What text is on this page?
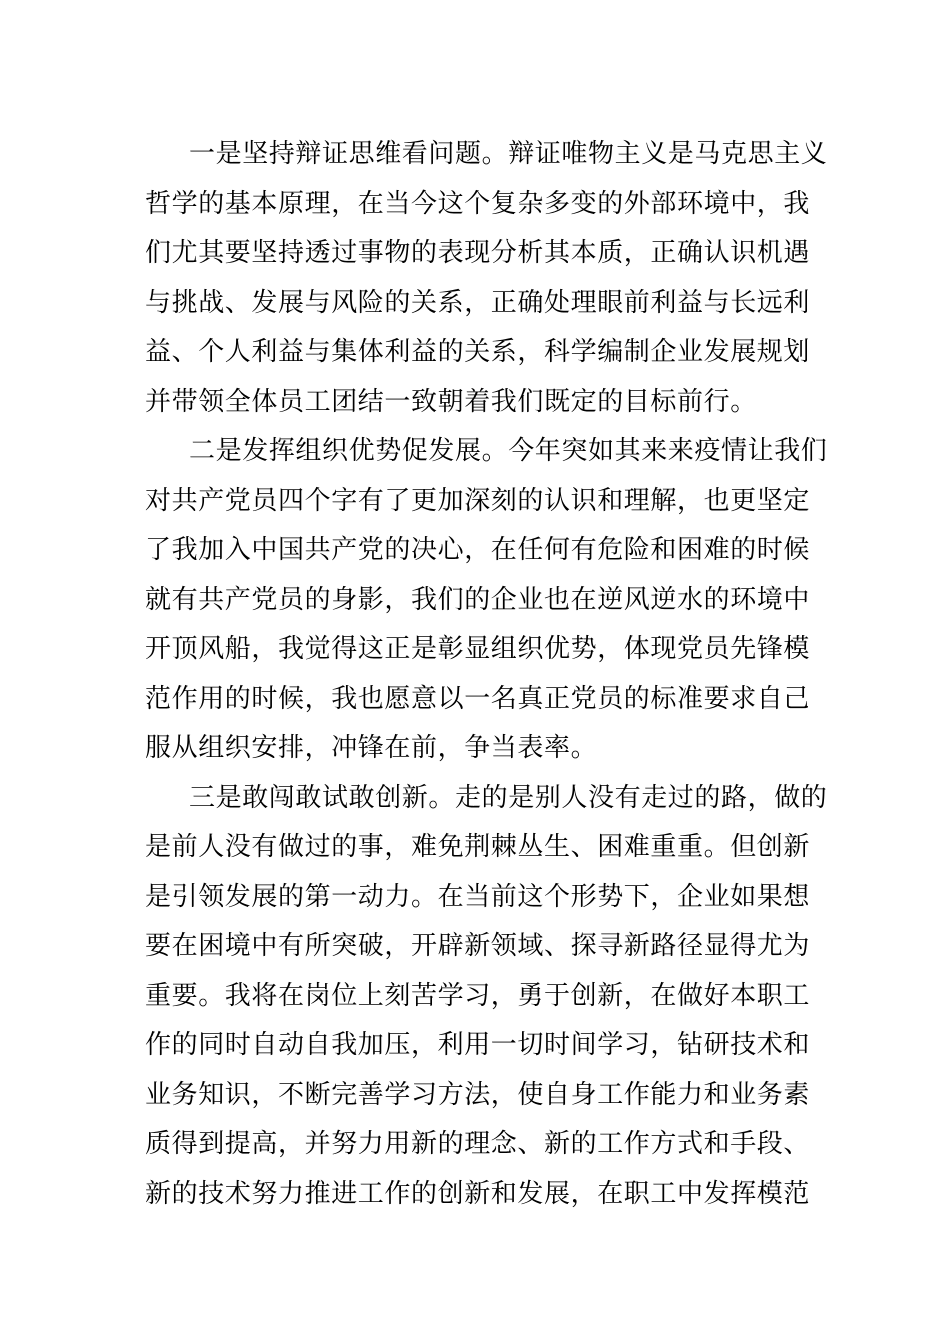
一是坚持辩证思维看问题。辩证唯物主义是马克思主义
哲学的基本原理，在当今这个复杂多变的外部环境中，我
们尤其要坚持透过事物的表现分析其本质，正确认识机遇
与挑战、发展与风险的关系，正确处理眼前利益与长远利
益、个人利益与集体利益的关系，科学编制企业发展规划
并带领全体员工团结一致朝着我们既定的目标前行。
二是发挥组织优势促发展。今年突如其来来疫情让我们
对共产党员四个字有了更加深刻的认识和理解，也更坚定
了我加入中国共产党的决心，在任何有危险和困难的时候
就有共产党员的身影，我们的企业也在逆风逆水的环境中
开顶风船，我觉得这正是彰显组织优势，体现党员先锋模
范作用的时候，我也愿意以一名真正党员的标准要求自己
服从组织安排，冲锋在前，争当表率。
三是敢闯敢试敢创新。走的是别人没有走过的路，做的
是前人没有做过的事，难免荆棘丛生、困难重重。但创新
是引领发展的第一动力。在当前这个形势下，企业如果想
要在困境中有所突破，开辟新领域、探寻新路径显得尤为
重要。我将在岗位上刻苦学习，勇于创新，在做好本职工
作的同时自动自我加压，利用一切时间学习，钻研技术和
业务知识，不断完善学习方法，使自身工作能力和业务素
质得到提高，并努力用新的理念、新的工作方式和手段、
新的技术努力推进工作的创新和发展，在职工中发挥模范
